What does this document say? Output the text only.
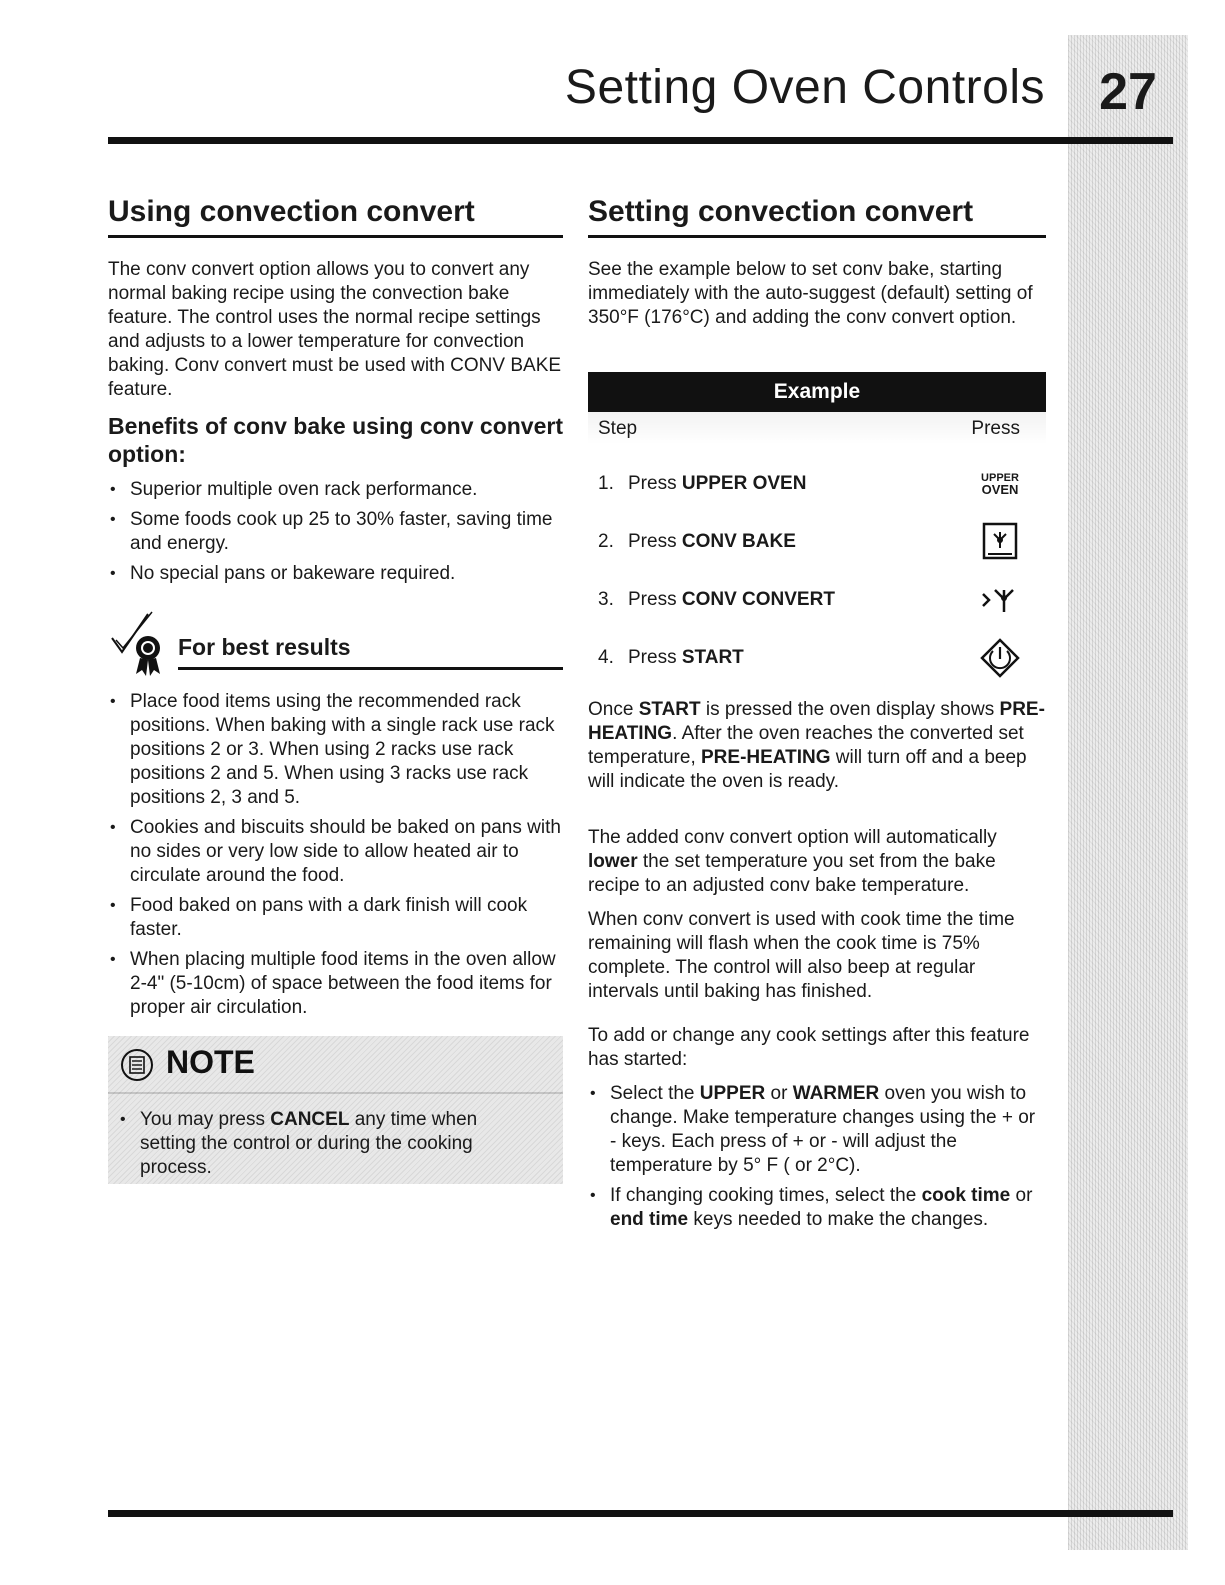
Setting Oven Controls	27
Using convection convert

The conv convert option allows you to convert any normal baking recipe using the convection bake feature. The control uses the normal recipe settings and adjusts to a lower temperature for convection baking. Conv convert must be used with CONV BAKE feature.

Benefits of conv bake using conv convert option:
• Superior multiple oven rack performance.
• Some foods cook up 25 to 30% faster, saving time and energy.
• No special pans or bakeware required.
For best results
• Place food items using the recommended rack positions. When baking with a single rack use rack positions 2 or 3. When using 2 racks use rack positions 2 and 5. When using 3 racks use rack positions 2, 3 and 5.
• Cookies and biscuits should be baked on pans with no sides or very low side to allow heated air to circulate around the food.
• Food baked on pans with a dark finish will cook faster.
• When placing multiple food items in the oven allow 2-4" (5-10cm) of space between the food items for proper air circulation.
NOTE
• You may press CANCEL any time when setting the control or during the cooking process.
Setting convection convert

See the example below to set conv bake, starting immediately with the auto-suggest (default) setting of 350°F (176°C) and adding the conv convert option.

Example
Step	Press
1. Press UPPER OVEN	UPPER
OVEN
2. Press CONV BAKE
3. Press CONV CONVERT
4. Press START

Once START is pressed the oven display shows PRE-HEATING. After the oven reaches the converted set temperature, PRE-HEATING will turn off and a beep will indicate the oven is ready.

The added conv convert option will automatically lower the set temperature you set from the bake recipe to an adjusted conv bake temperature.

When conv convert is used with cook time the time remaining will flash when the cook time is 75% complete. The control will also beep at regular intervals until baking has finished.

To add or change any cook settings after this feature has started:

• Select the UPPER or WARMER oven you wish to change. Make temperature changes using the + or - keys. Each press of + or - will adjust the temperature by 5° F ( or 2°C).
• If changing cooking times, select the cook time or end time keys needed to make the changes.
